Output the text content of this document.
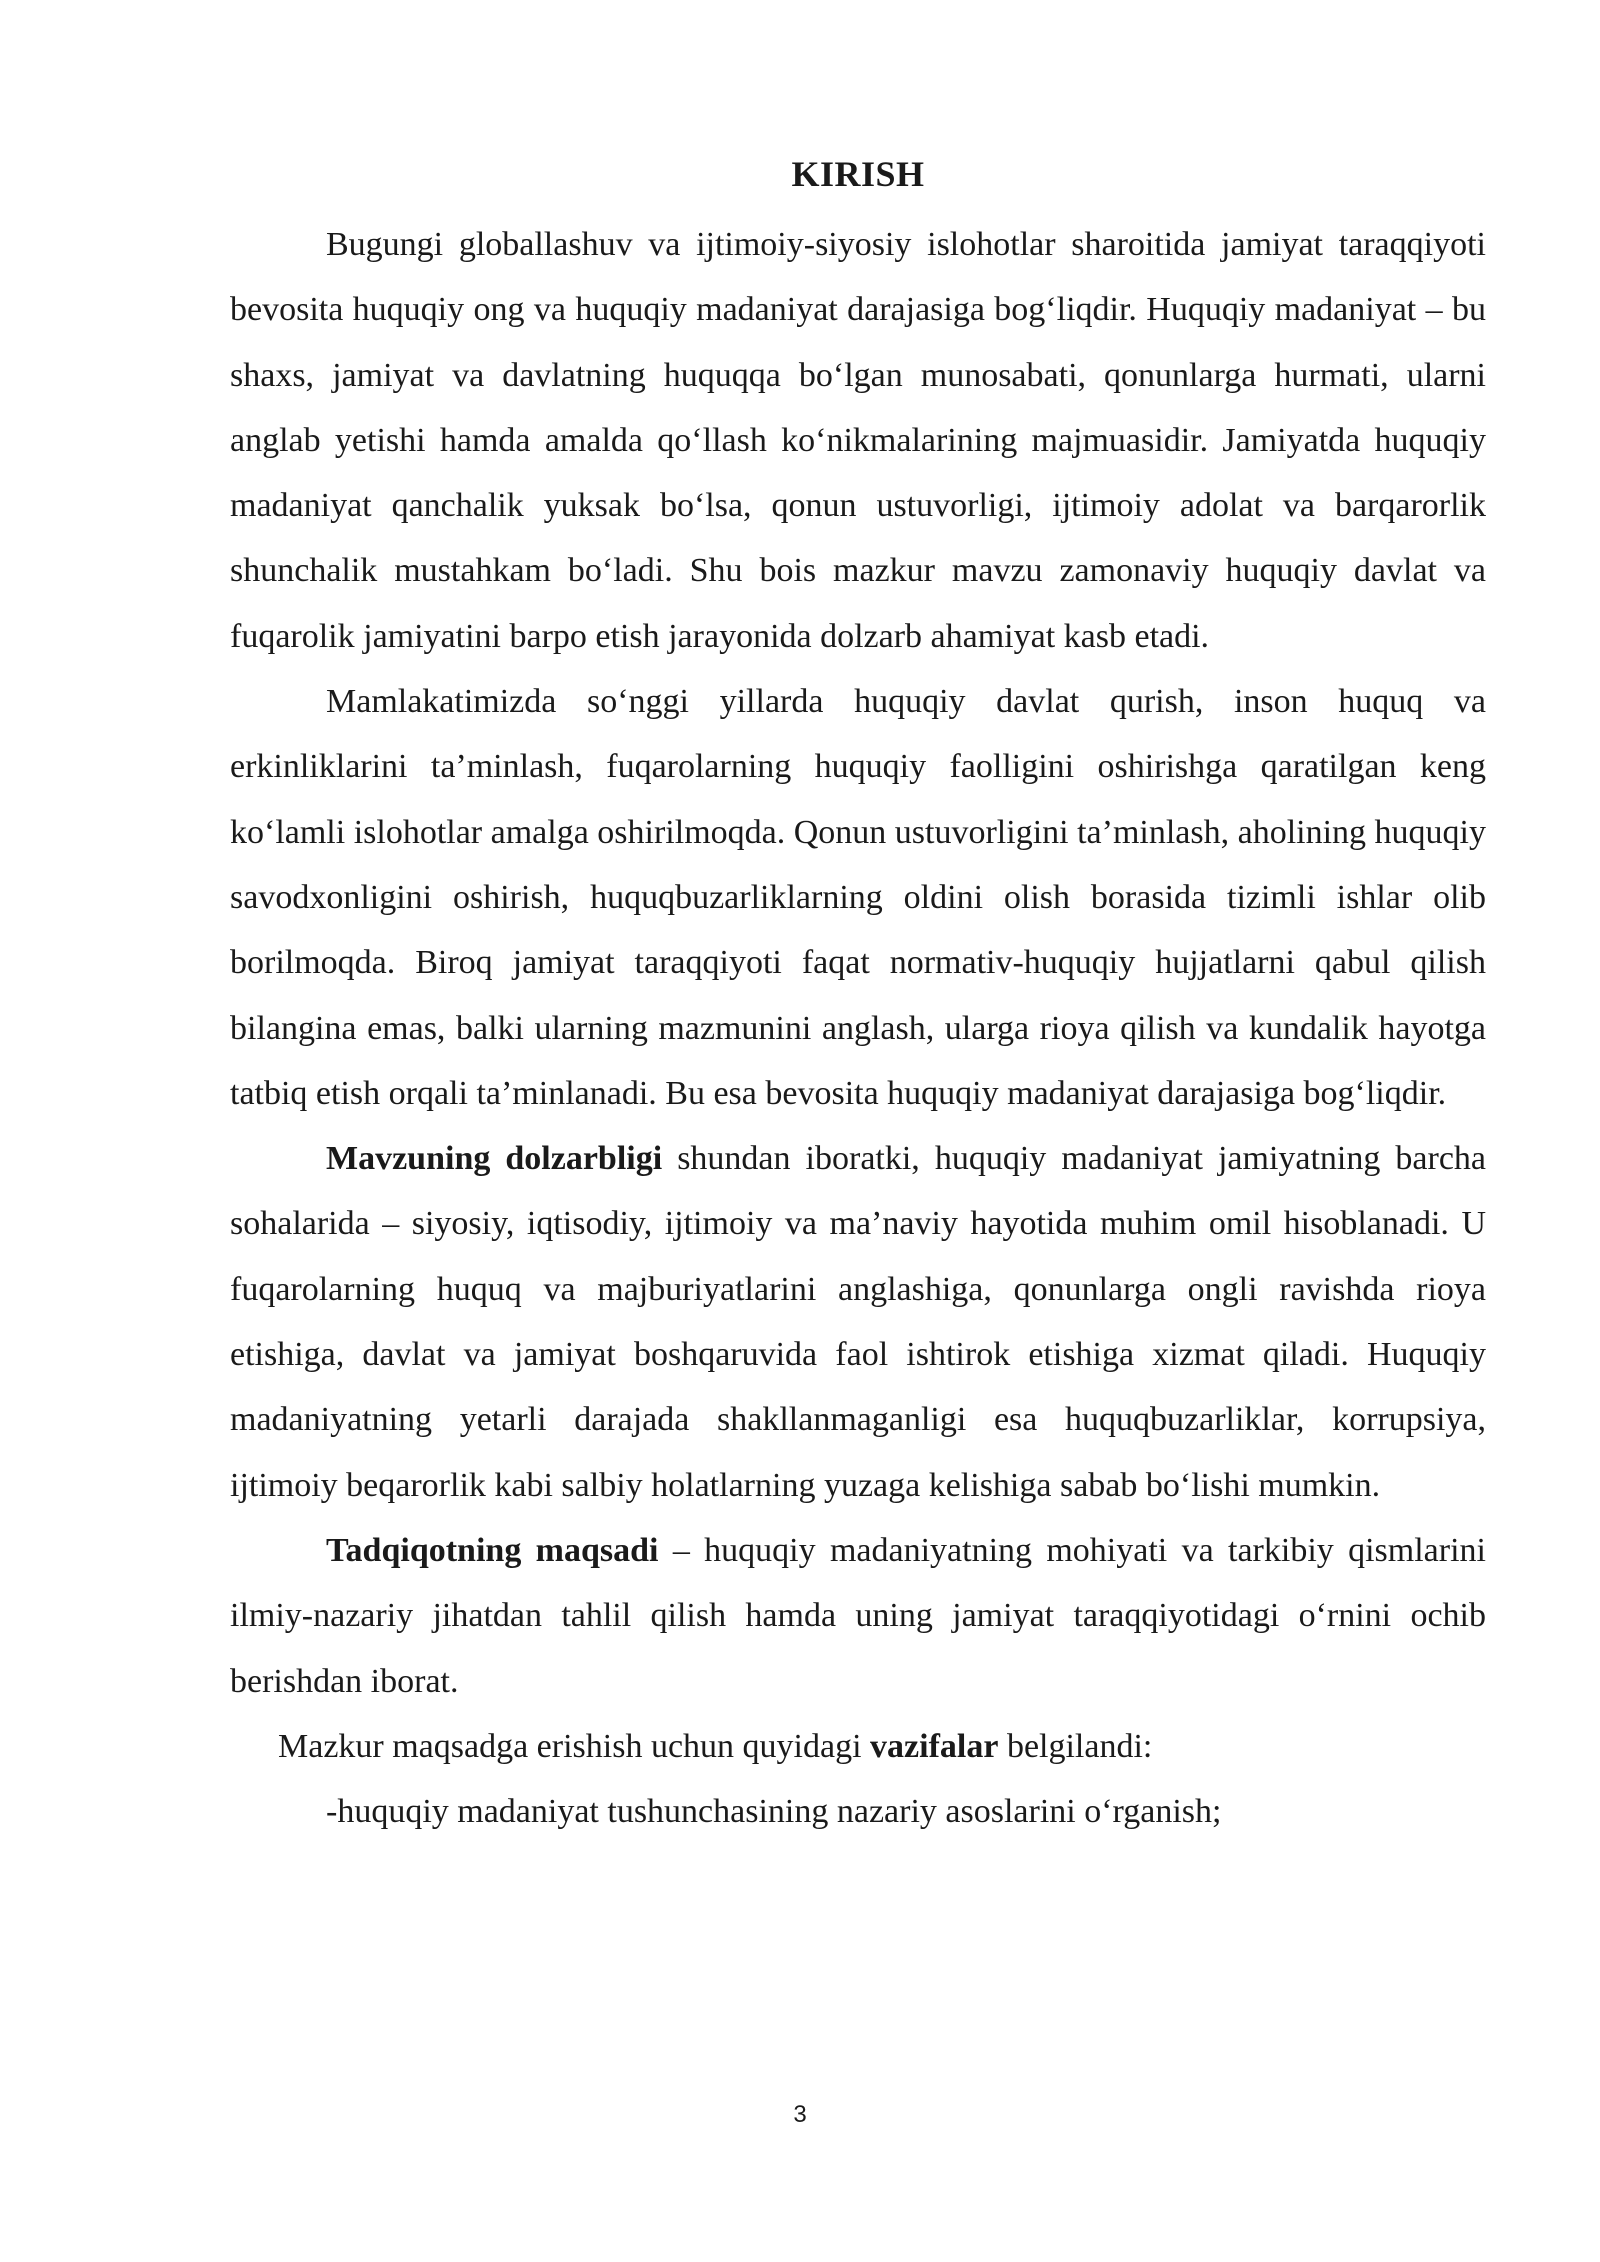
KIRISH

Bugungi globallashuv va ijtimoiy-siyosiy islohotlar sharoitida jamiyat taraqqiyoti bevosita huquqiy ong va huquqiy madaniyat darajasiga bog‘liqdir. Huquqiy madaniyat – bu shaxs, jamiyat va davlatning huquqqa bo‘lgan munosabati, qonunlarga hurmati, ularni anglab yetishi hamda amalda qo‘llash ko‘nikmalarining majmuasidir. Jamiyatda huquqiy madaniyat qanchalik yuksak bo‘lsa, qonun ustuvorligi, ijtimoiy adolat va barqarorlik shunchalik mustahkam bo‘ladi. Shu bois mazkur mavzu zamonaviy huquqiy davlat va fuqarolik jamiyatini barpo etish jarayonida dolzarb ahamiyat kasb etadi.

Mamlakatimizda so‘nggi yillarda huquqiy davlat qurish, inson huquq va erkinliklarini ta’minlash, fuqarolarning huquqiy faolligini oshirishga qaratilgan keng ko‘lamli islohotlar amalga oshirilmoqda. Qonun ustuvorligini ta’minlash, aholining huquqiy savodxonligini oshirish, huquqbuzarliklarning oldini olish borasida tizimli ishlar olib borilmoqda. Biroq jamiyat taraqqiyoti faqat normativ-huquqiy hujjatlarni qabul qilish bilangina emas, balki ularning mazmunini anglash, ularga rioya qilish va kundalik hayotga tatbiq etish orqali ta’minlanadi. Bu esa bevosita huquqiy madaniyat darajasiga bog‘liqdir.

Mavzuning dolzarbligi shundan iboratki, huquqiy madaniyat jamiyatning barcha sohalarida – siyosiy, iqtisodiy, ijtimoiy va ma’naviy hayotida muhim omil hisoblanadi. U fuqarolarning huquq va majburiyatlarini anglashiga, qonunlarga ongli ravishda rioya etishiga, davlat va jamiyat boshqaruvida faol ishtirok etishiga xizmat qiladi. Huquqiy madaniyatning yetarli darajada shakllanmaganligi esa huquqbuzarliklar, korrupsiya, ijtimoiy beqarorlik kabi salbiy holatlarning yuzaga kelishiga sabab bo‘lishi mumkin.

Tadqiqotning maqsadi – huquqiy madaniyatning mohiyati va tarkibiy qismlarini ilmiy-nazariy jihatdan tahlil qilish hamda uning jamiyat taraqqiyotidagi o‘rnini ochib berishdan iborat.

Mazkur maqsadga erishish uchun quyidagi vazifalar belgilandi:

-huquqiy madaniyat tushunchasining nazariy asoslarini o‘rganish;

3
